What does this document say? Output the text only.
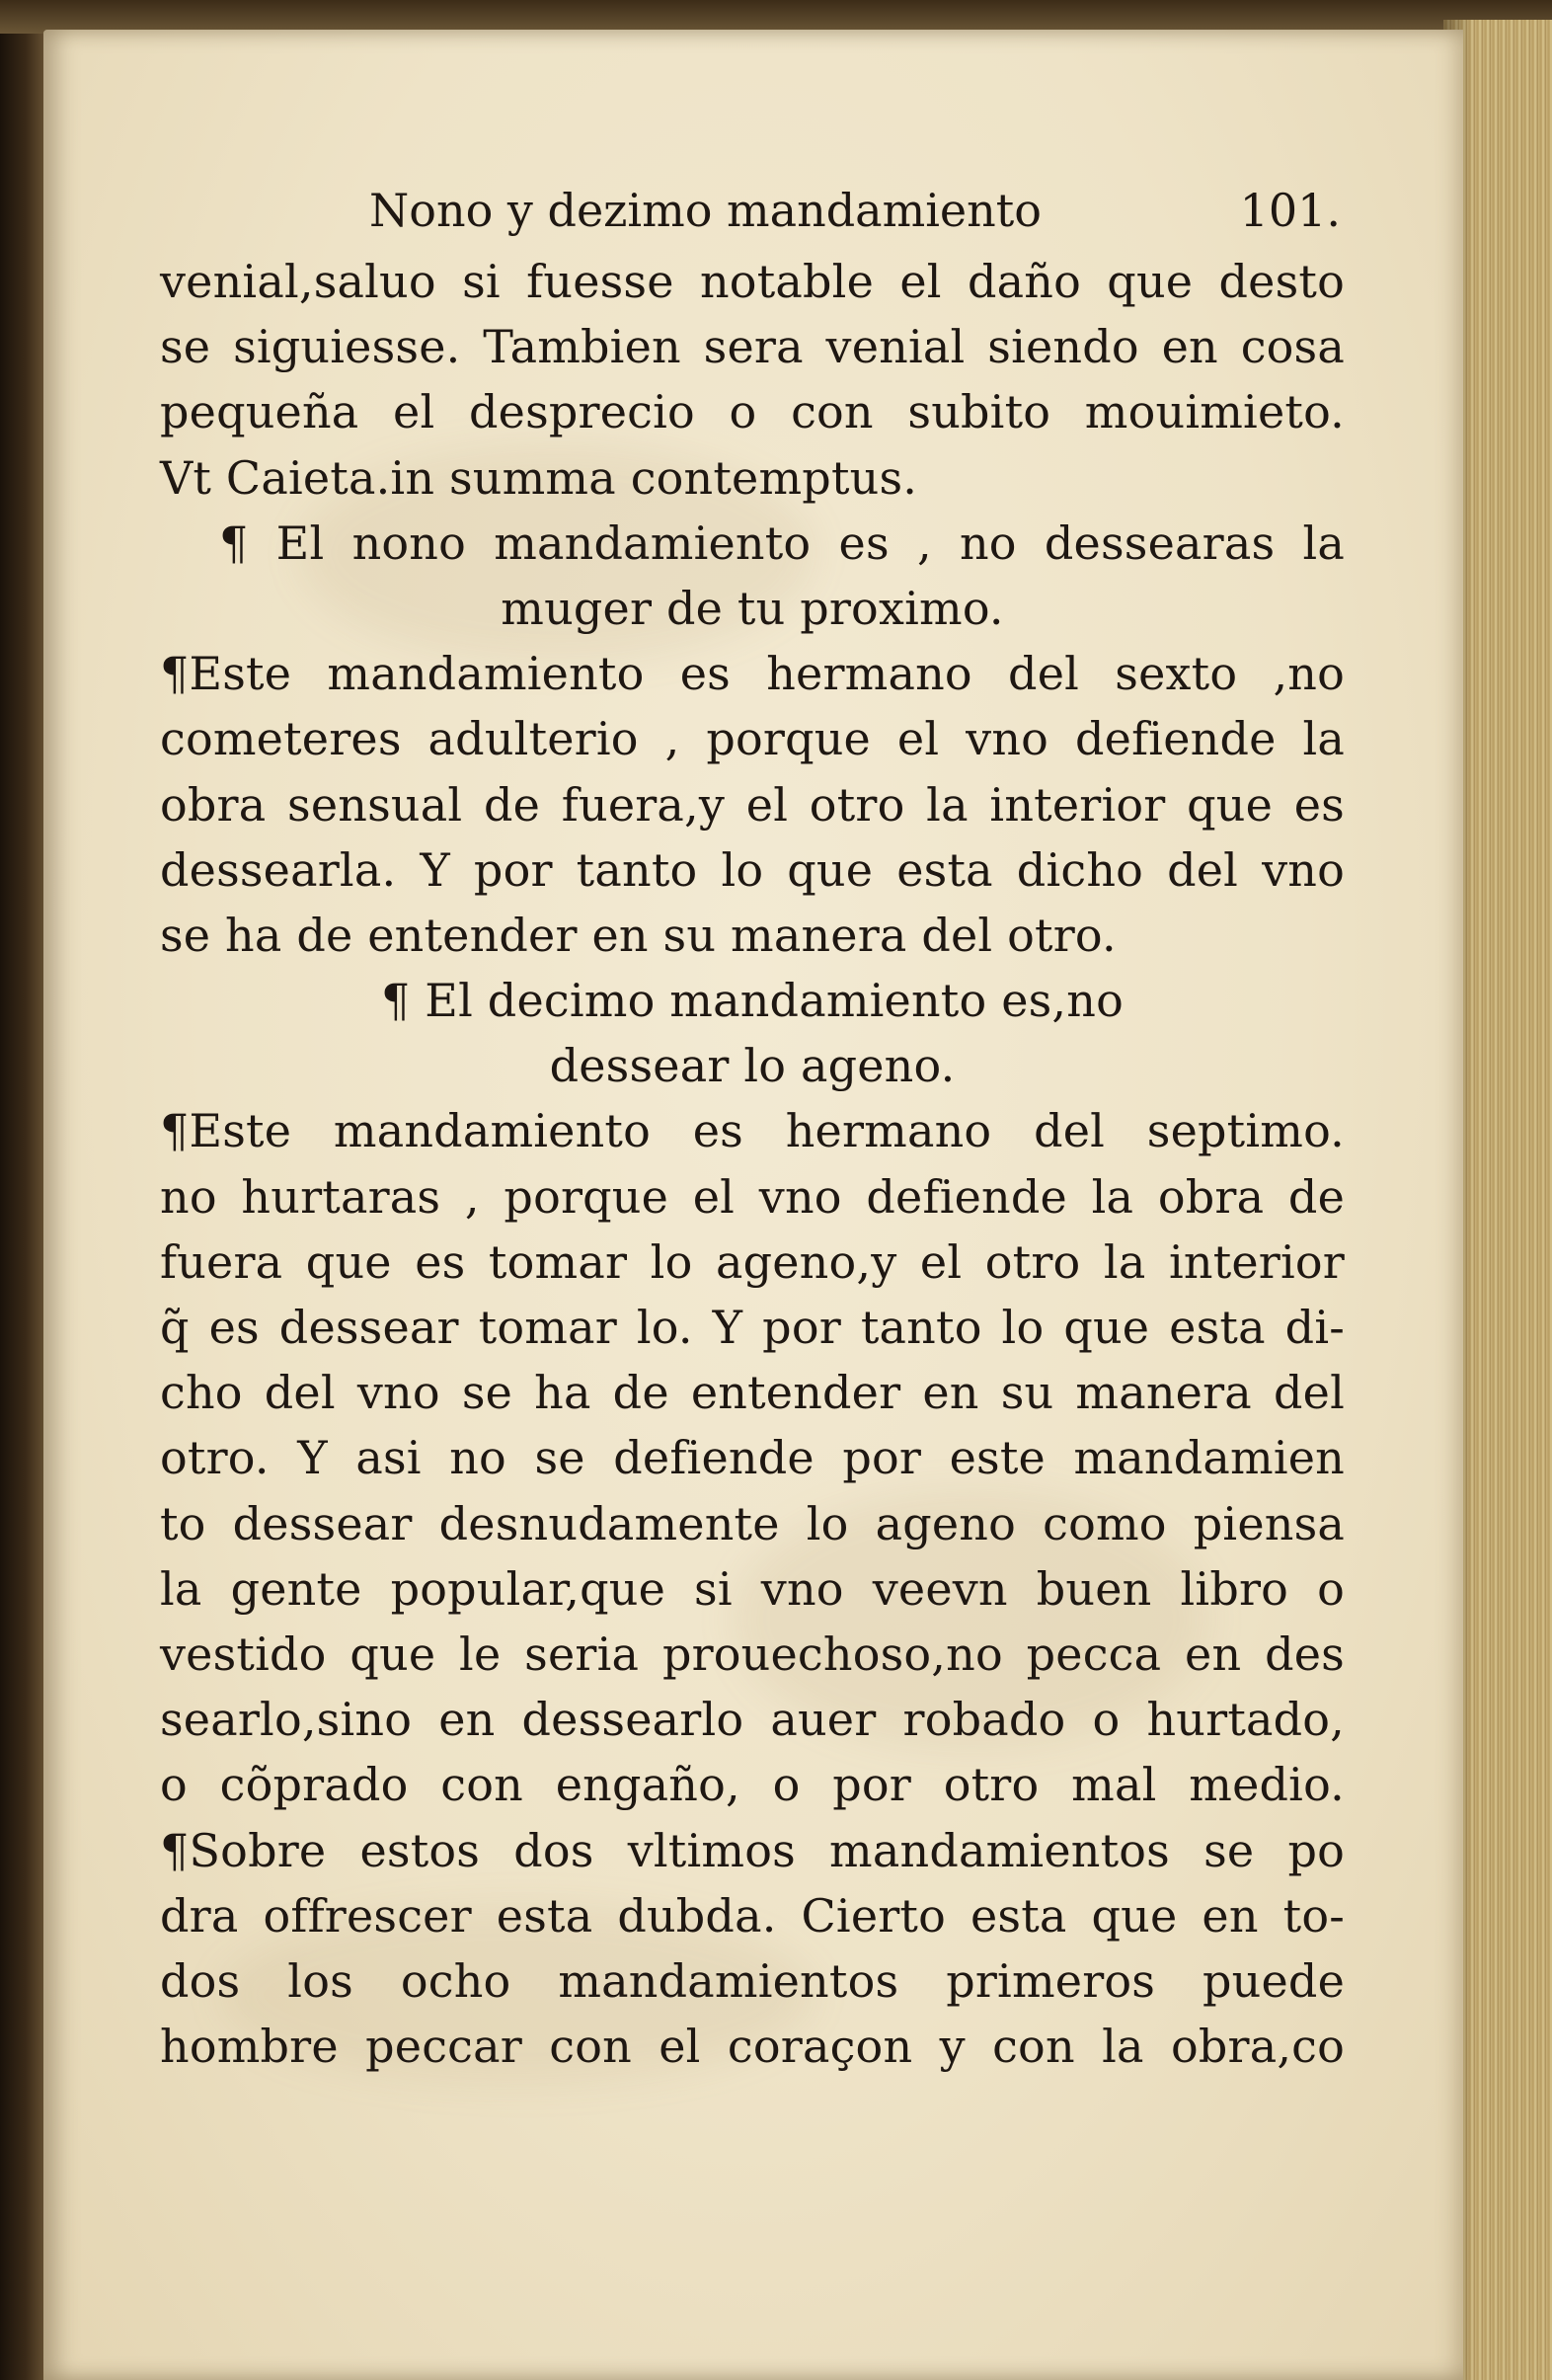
Nono y dezimo mandamiento	101.
venial,saluo si fuesse notable el daño que desto
se siguiesse. Tambien sera venial siendo en cosa
pequeña el desprecio o con subito mouimieto.
Vt Caieta.in summa contemptus.
¶ El nono mandamiento es , no dessearas la
muger de tu proximo.
¶Este mandamiento es hermano del sexto ,no
cometeres adulterio , porque el vno defiende la
obra sensual de fuera,y el otro la interior que es
dessearla. Y por tanto lo que esta dicho del vno
se ha de entender en su manera del otro.
¶ El decimo mandamiento es,no
dessear lo ageno.
¶Este mandamiento es hermano del septimo.
no hurtaras , porque el vno defiende la obra de
fuera que es tomar lo ageno,y el otro la interior
q̃ es dessear tomar lo. Y por tanto lo que esta di-
cho del vno se ha de entender en su manera del
otro. Y asi no se defiende por este mandamien
to dessear desnudamente lo ageno como piensa
la gente popular,que si vno veevn buen libro o
vestido que le seria prouechoso,no pecca en des
searlo,sino en dessearlo auer robado o hurtado,
o cõprado con engaño, o por otro mal medio.
¶Sobre estos dos vltimos mandamientos se po
dra offrescer esta dubda. Cierto esta que en to-
dos los ocho mandamientos primeros puede
hombre peccar con el coraçon y con la obra,co
